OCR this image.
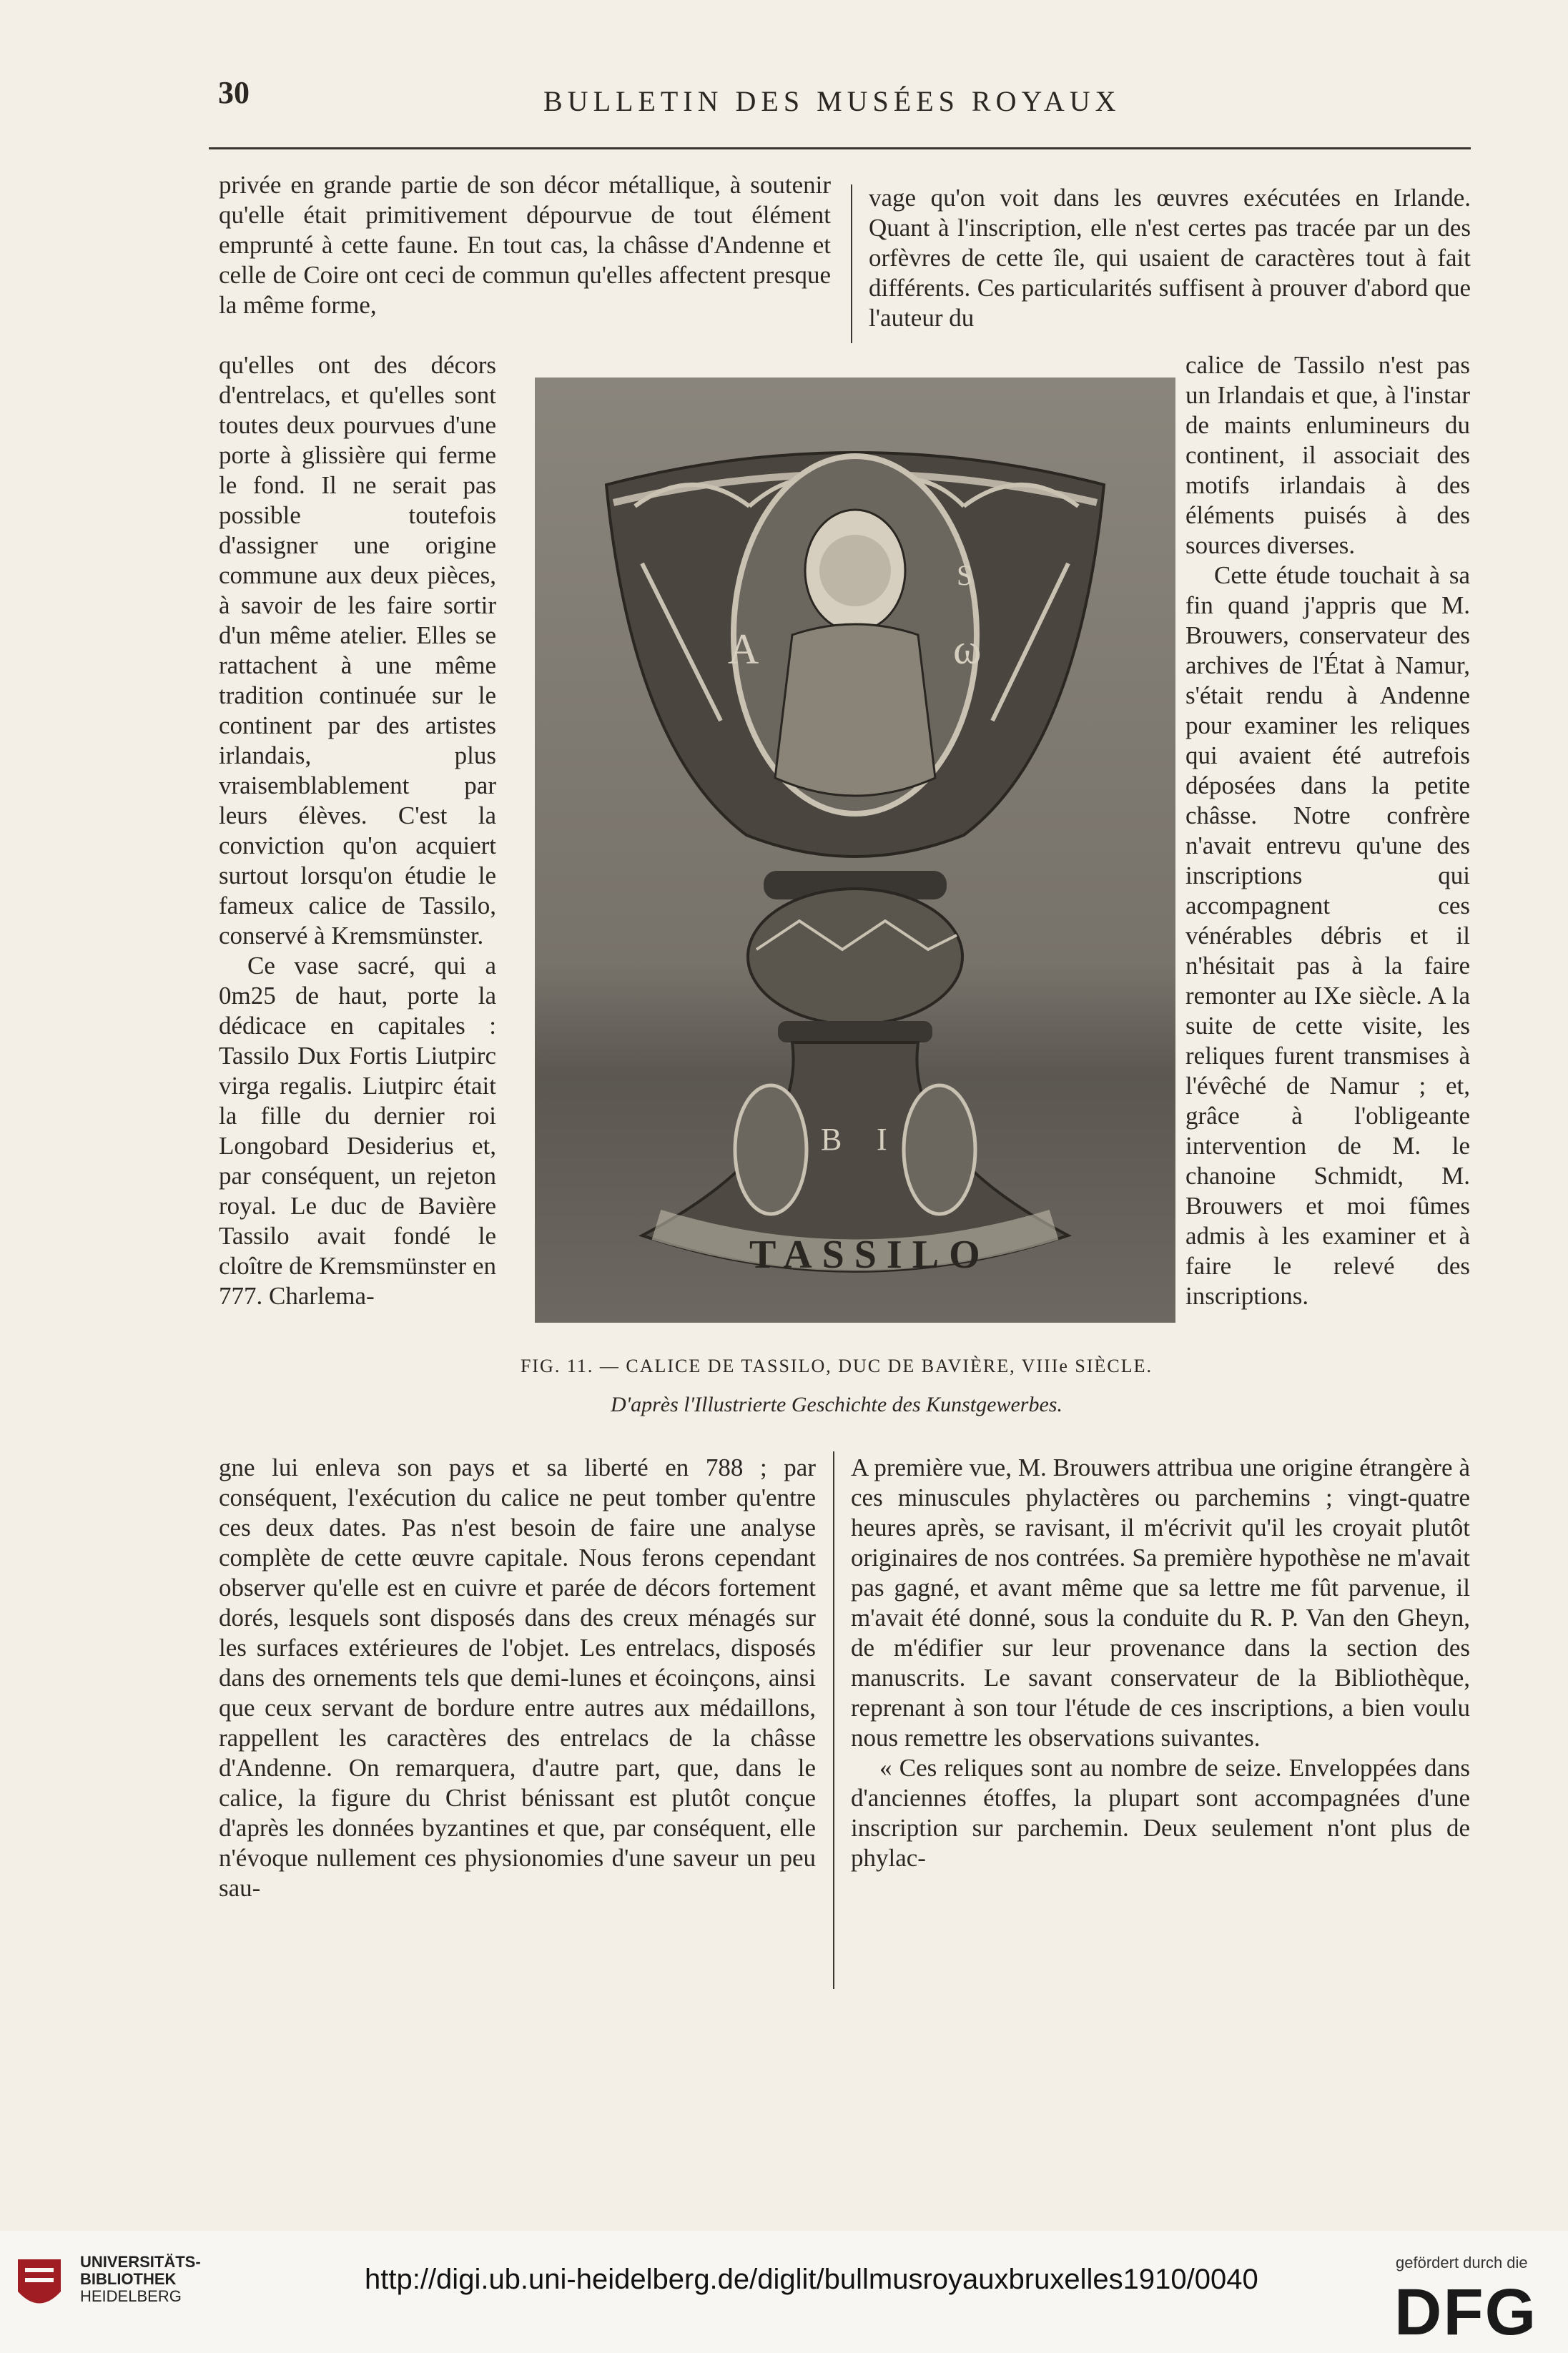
30	BULLETIN DES MUSÉES ROYAUX

privée en grande partie de son décor métallique, à soutenir qu'elle était primitivement dépourvue de tout élément emprunté à cette faune. En tout cas, la châsse d'Andenne et celle de Coire ont ceci de commun qu'elles affectent presque la même forme,

qu'elles ont des décors d'entrelacs, et qu'elles sont toutes deux pourvues d'une porte à glissière qui ferme le fond. Il ne serait pas possible toutefois d'assigner une origine commune aux deux pièces, à savoir de les faire sortir d'un même atelier. Elles se rattachent à une même tradition continuée sur le continent par des artistes irlandais, plus vraisemblablement par leurs élèves. C'est la conviction qu'on acquiert surtout lorsqu'on étudie le fameux calice de Tassilo, conservé à Kremsmünster.

Ce vase sacré, qui a 0m25 de haut, porte la dédicace en capitales : Tassilo Dux Fortis Liutpirc virga regalis. Liutpirc était la fille du dernier roi Longobard Desiderius et, par conséquent, un rejeton royal. Le duc de Bavière Tassilo avait fondé le cloître de Kremsmünster en 777. Charlema-

gne lui enleva son pays et sa liberté en 788 ; par conséquent, l'exécution du calice ne peut tomber qu'entre ces deux dates. Pas n'est besoin de faire une analyse complète de cette œuvre capitale. Nous ferons cependant observer qu'elle est en cuivre et parée de décors fortement dorés, lesquels sont disposés dans des creux ménagés sur les surfaces extérieures de l'objet. Les entrelacs, disposés dans des ornements tels que demi-lunes et écoinçons, ainsi que ceux servant de bordure entre autres aux médaillons, rappellent les caractères des entrelacs de la châsse d'Andenne. On remarquera, d'autre part, que, dans le calice, la figure du Christ bénissant est plutôt conçue d'après les données byzantines et que, par conséquent, elle n'évoque nullement ces physionomies d'une saveur un peu sau-

vage qu'on voit dans les œuvres exécutées en Irlande. Quant à l'inscription, elle n'est certes pas tracée par un des orfèvres de cette île, qui usaient de caractères tout à fait différents. Ces particularités suffisent à prouver d'abord que l'auteur du

calice de Tassilo n'est pas un Irlandais et que, à l'instar de maints enlumineurs du continent, il associait des motifs irlandais à des éléments puisés à des sources diverses.

Cette étude touchait à sa fin quand j'appris que M. Brouwers, conservateur des archives de l'État à Namur, s'était rendu à Andenne pour examiner les reliques qui avaient été autrefois déposées dans la petite châsse. Notre confrère n'avait entrevu qu'une des inscriptions qui accompagnent ces vénérables débris et il n'hésitait pas à la faire remonter au IXe siècle. A la suite de cette visite, les reliques furent transmises à l'évêché de Namur ; et, grâce à l'obligeante intervention de M. le chanoine Schmidt, M. Brouwers et moi fûmes admis à les examiner et à faire le relevé des inscriptions.

A première vue, M. Brouwers attribua une origine étrangère à ces minuscules phylactères ou parchemins ; vingt-quatre heures après, se ravisant, il m'écrivit qu'il les croyait plutôt originaires de nos contrées. Sa première hypothèse ne m'avait pas gagné, et avant même que sa lettre me fût parvenue, il m'avait été donné, sous la conduite du R. P. Van den Gheyn, de m'édifier sur leur provenance dans la section des manuscrits. Le savant conservateur de la Bibliothèque, reprenant à son tour l'étude de ces inscriptions, a bien voulu nous remettre les observations suivantes.

« Ces reliques sont au nombre de seize. Enveloppées dans d'anciennes étoffes, la plupart sont accompagnées d'une inscription sur parchemin. Deux seulement n'ont plus de phylac-

A	ω
S
B I
TASSILO
FIG. 11. — CALICE DE TASSILO, DUC DE BAVIÈRE, VIIIe SIÈCLE.
D'après l'Illustrierte Geschichte des Kunstgewerbes.
UNIVERSITÄTS-
BIBLIOTHEK
HEIDELBERG
http://digi.ub.uni-heidelberg.de/diglit/bullmusroyauxbruxelles1910/0040
gefördert durch die
DFG
